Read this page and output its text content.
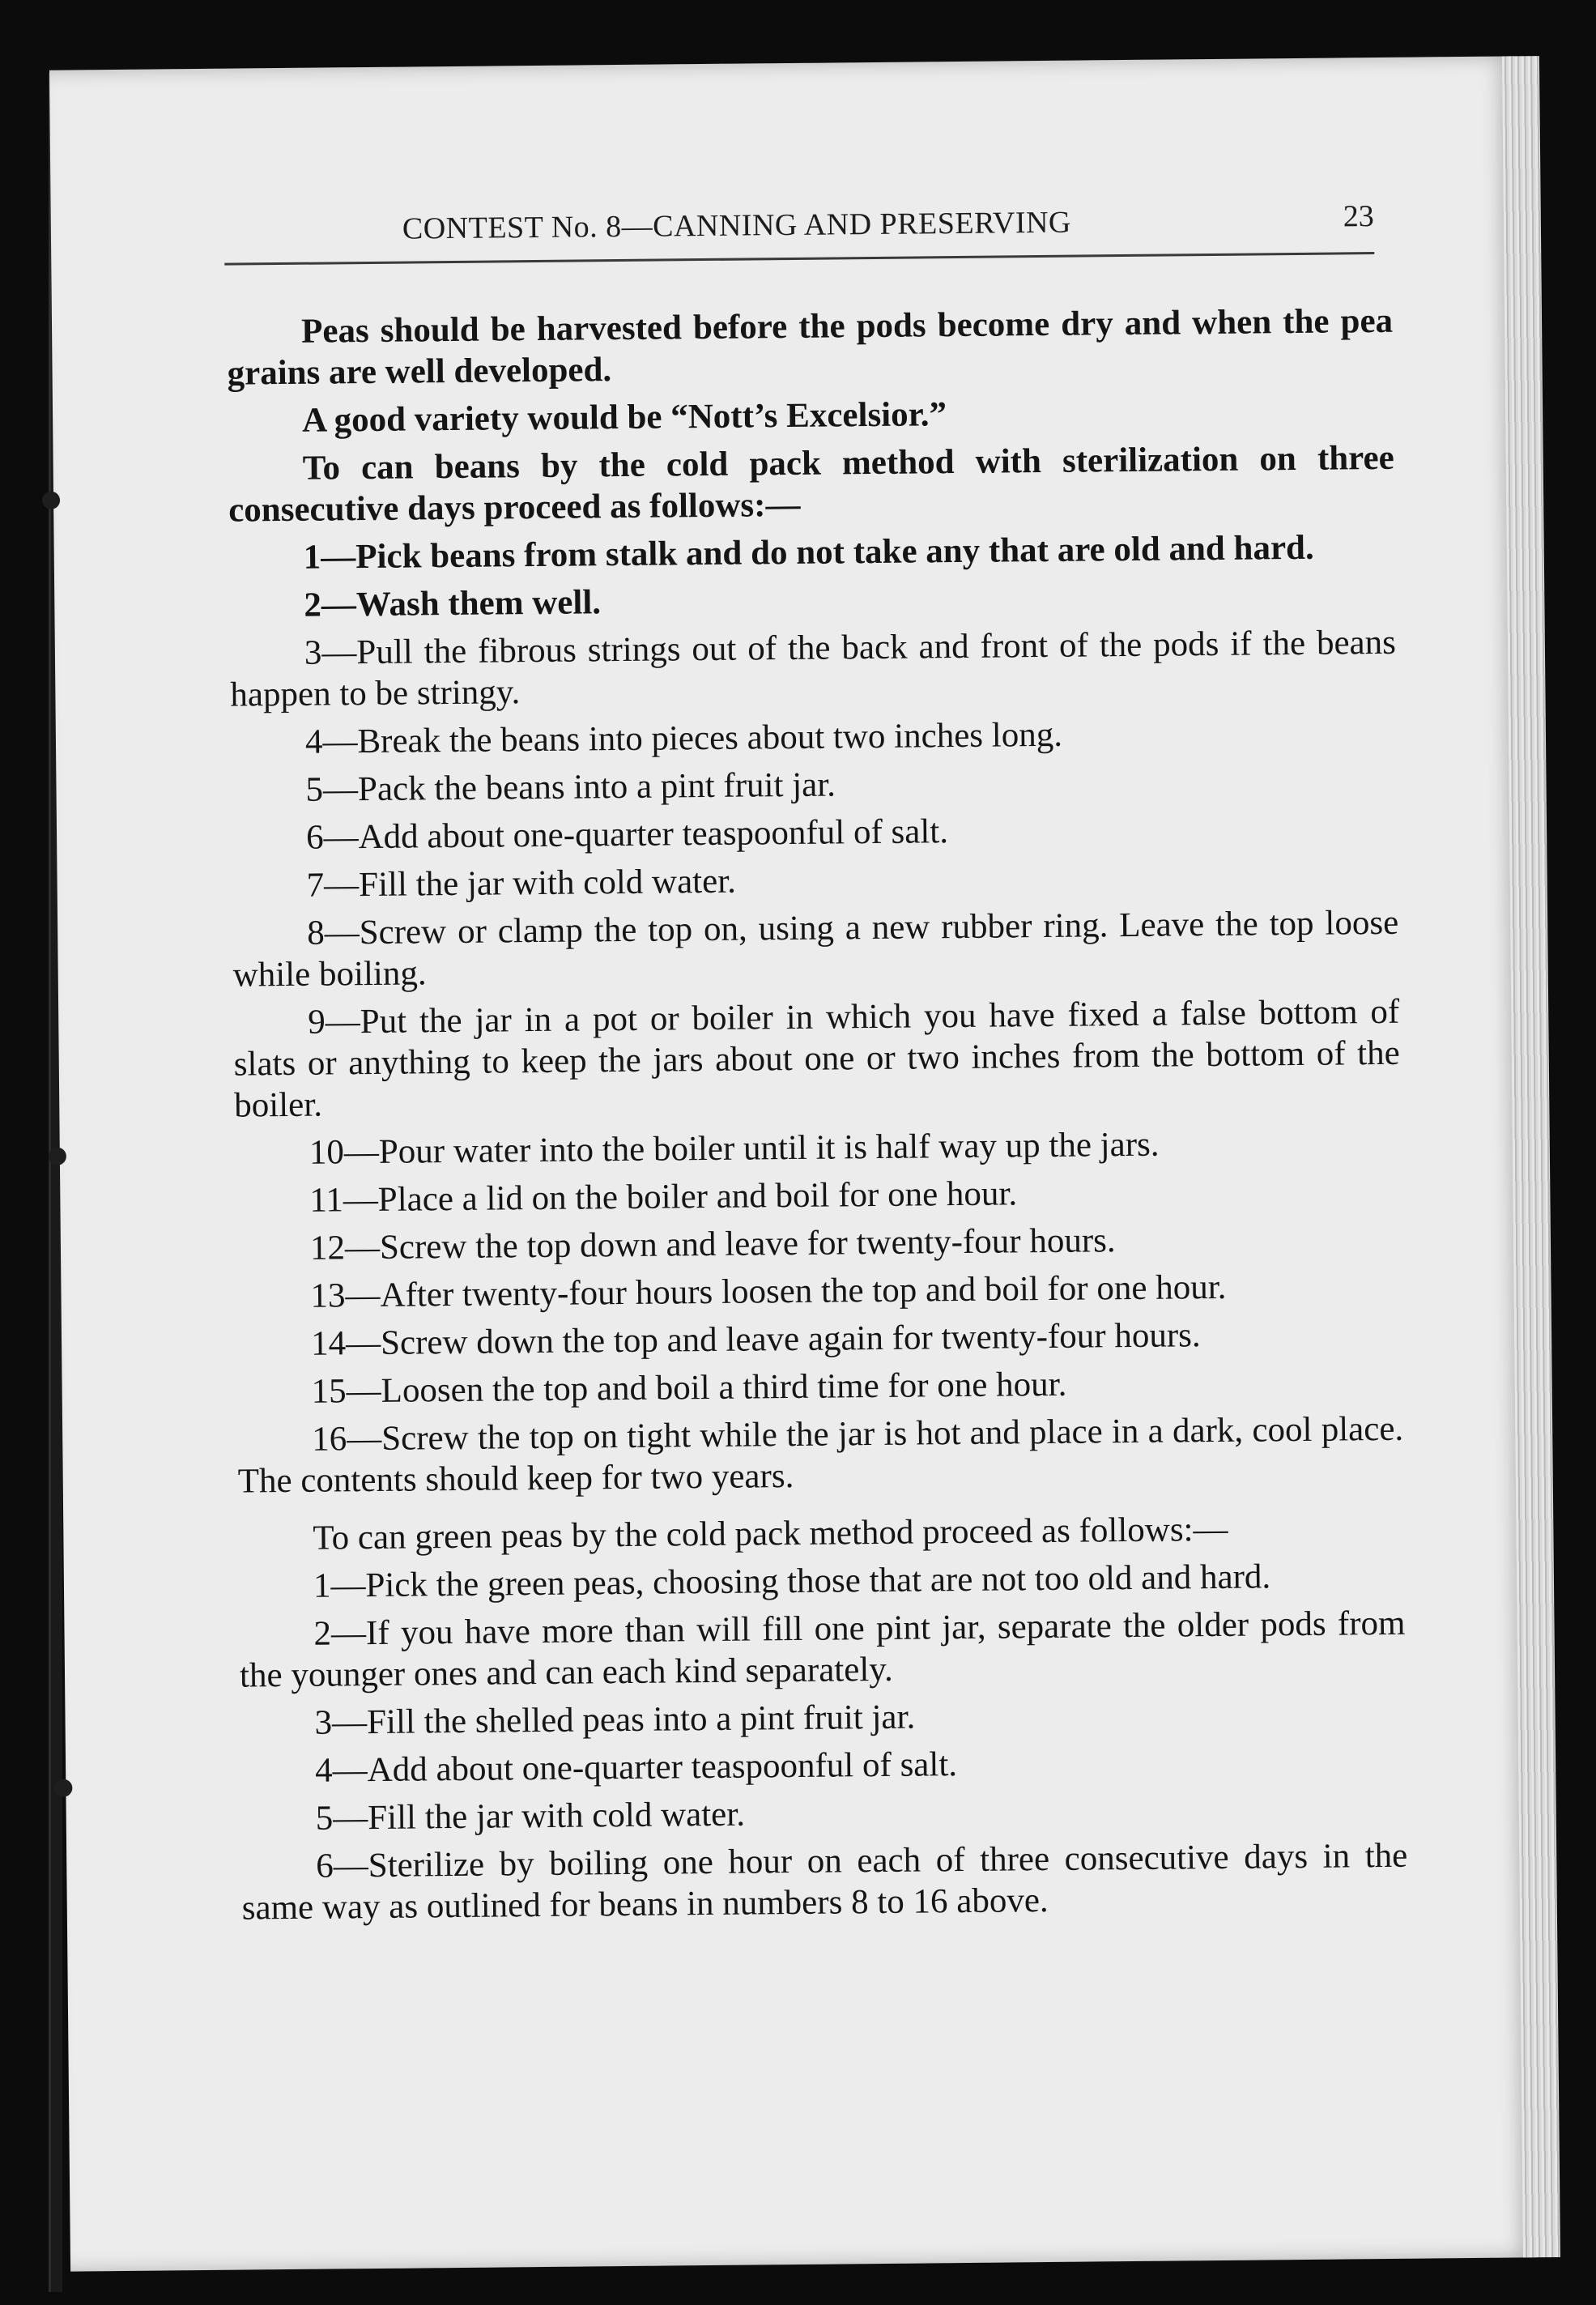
CONTEST No. 8—CANNING AND PRESERVING	23

Peas should be harvested before the pods become dry and when the pea grains are well developed.

A good variety would be “Nott’s Excelsior.”

To can beans by the cold pack method with sterilization on three consecutive days proceed as follows:—

1—Pick beans from stalk and do not take any that are old and hard.

2—Wash them well.

3—Pull the fibrous strings out of the back and front of the pods if the beans happen to be stringy.

4—Break the beans into pieces about two inches long.

5—Pack the beans into a pint fruit jar.

6—Add about one-quarter teaspoonful of salt.

7—Fill the jar with cold water.

8—Screw or clamp the top on, using a new rubber ring. Leave the top loose while boiling.

9—Put the jar in a pot or boiler in which you have fixed a false bottom of slats or anything to keep the jars about one or two inches from the bottom of the boiler.

10—Pour water into the boiler until it is half way up the jars.

11—Place a lid on the boiler and boil for one hour.

12—Screw the top down and leave for twenty-four hours.

13—After twenty-four hours loosen the top and boil for one hour.

14—Screw down the top and leave again for twenty-four hours.

15—Loosen the top and boil a third time for one hour.

16—Screw the top on tight while the jar is hot and place in a dark, cool place. The contents should keep for two years.

To can green peas by the cold pack method proceed as follows:—

1—Pick the green peas, choosing those that are not too old and hard.

2—If you have more than will fill one pint jar, separate the older pods from the younger ones and can each kind separately.

3—Fill the shelled peas into a pint fruit jar.

4—Add about one-quarter teaspoonful of salt.

5—Fill the jar with cold water.

6—Sterilize by boiling one hour on each of three consecutive days in the same way as outlined for beans in numbers 8 to 16 above.
